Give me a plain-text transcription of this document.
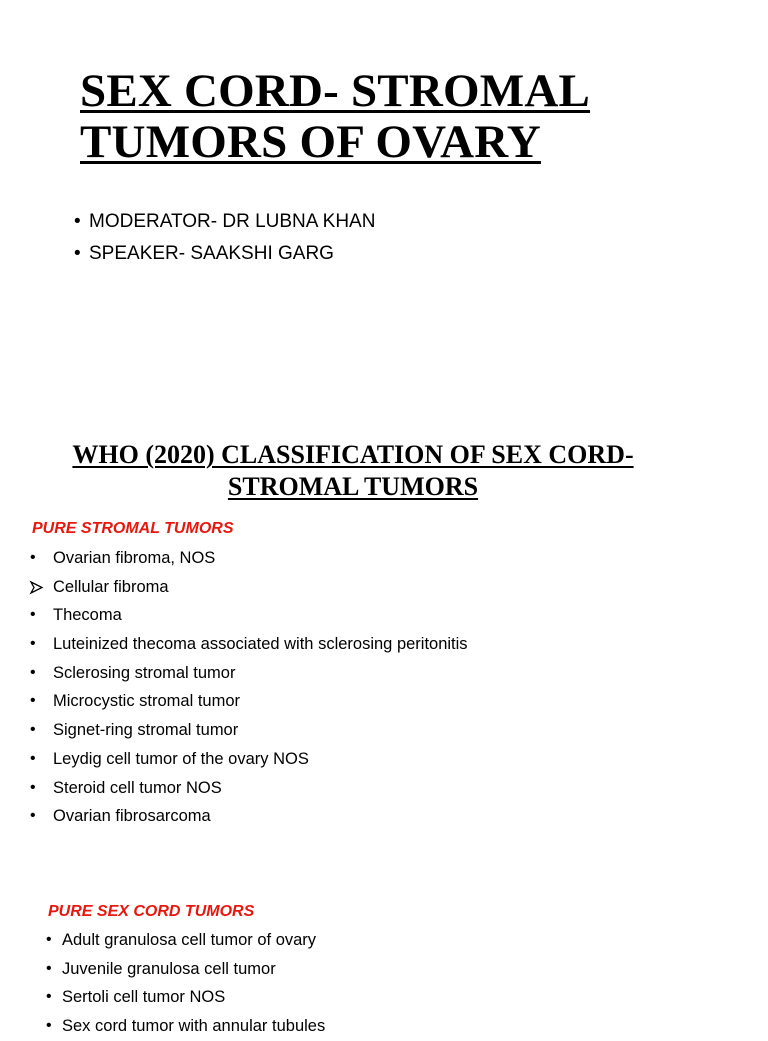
SEX CORD- STROMAL
TUMORS OF OVARY
• MODERATOR- DR LUBNA KHAN
• SPEAKER- SAAKSHI GARG
WHO (2020) CLASSIFICATION OF SEX CORD-
STROMAL TUMORS

PURE STROMAL TUMORS

•	Ovarian fibroma, NOS
Cellular fibroma
•	Thecoma
•	Luteinized thecoma associated with sclerosing peritonitis
•	Sclerosing stromal tumor
•	Microcystic stromal tumor
•	Signet-ring stromal tumor
•	Leydig cell tumor of the ovary NOS
•	Steroid cell tumor NOS
•	Ovarian fibrosarcoma

PURE SEX CORD TUMORS

• Adult granulosa cell tumor of ovary
• Juvenile granulosa cell tumor
• Sertoli cell tumor NOS
• Sex cord tumor with annular tubules
